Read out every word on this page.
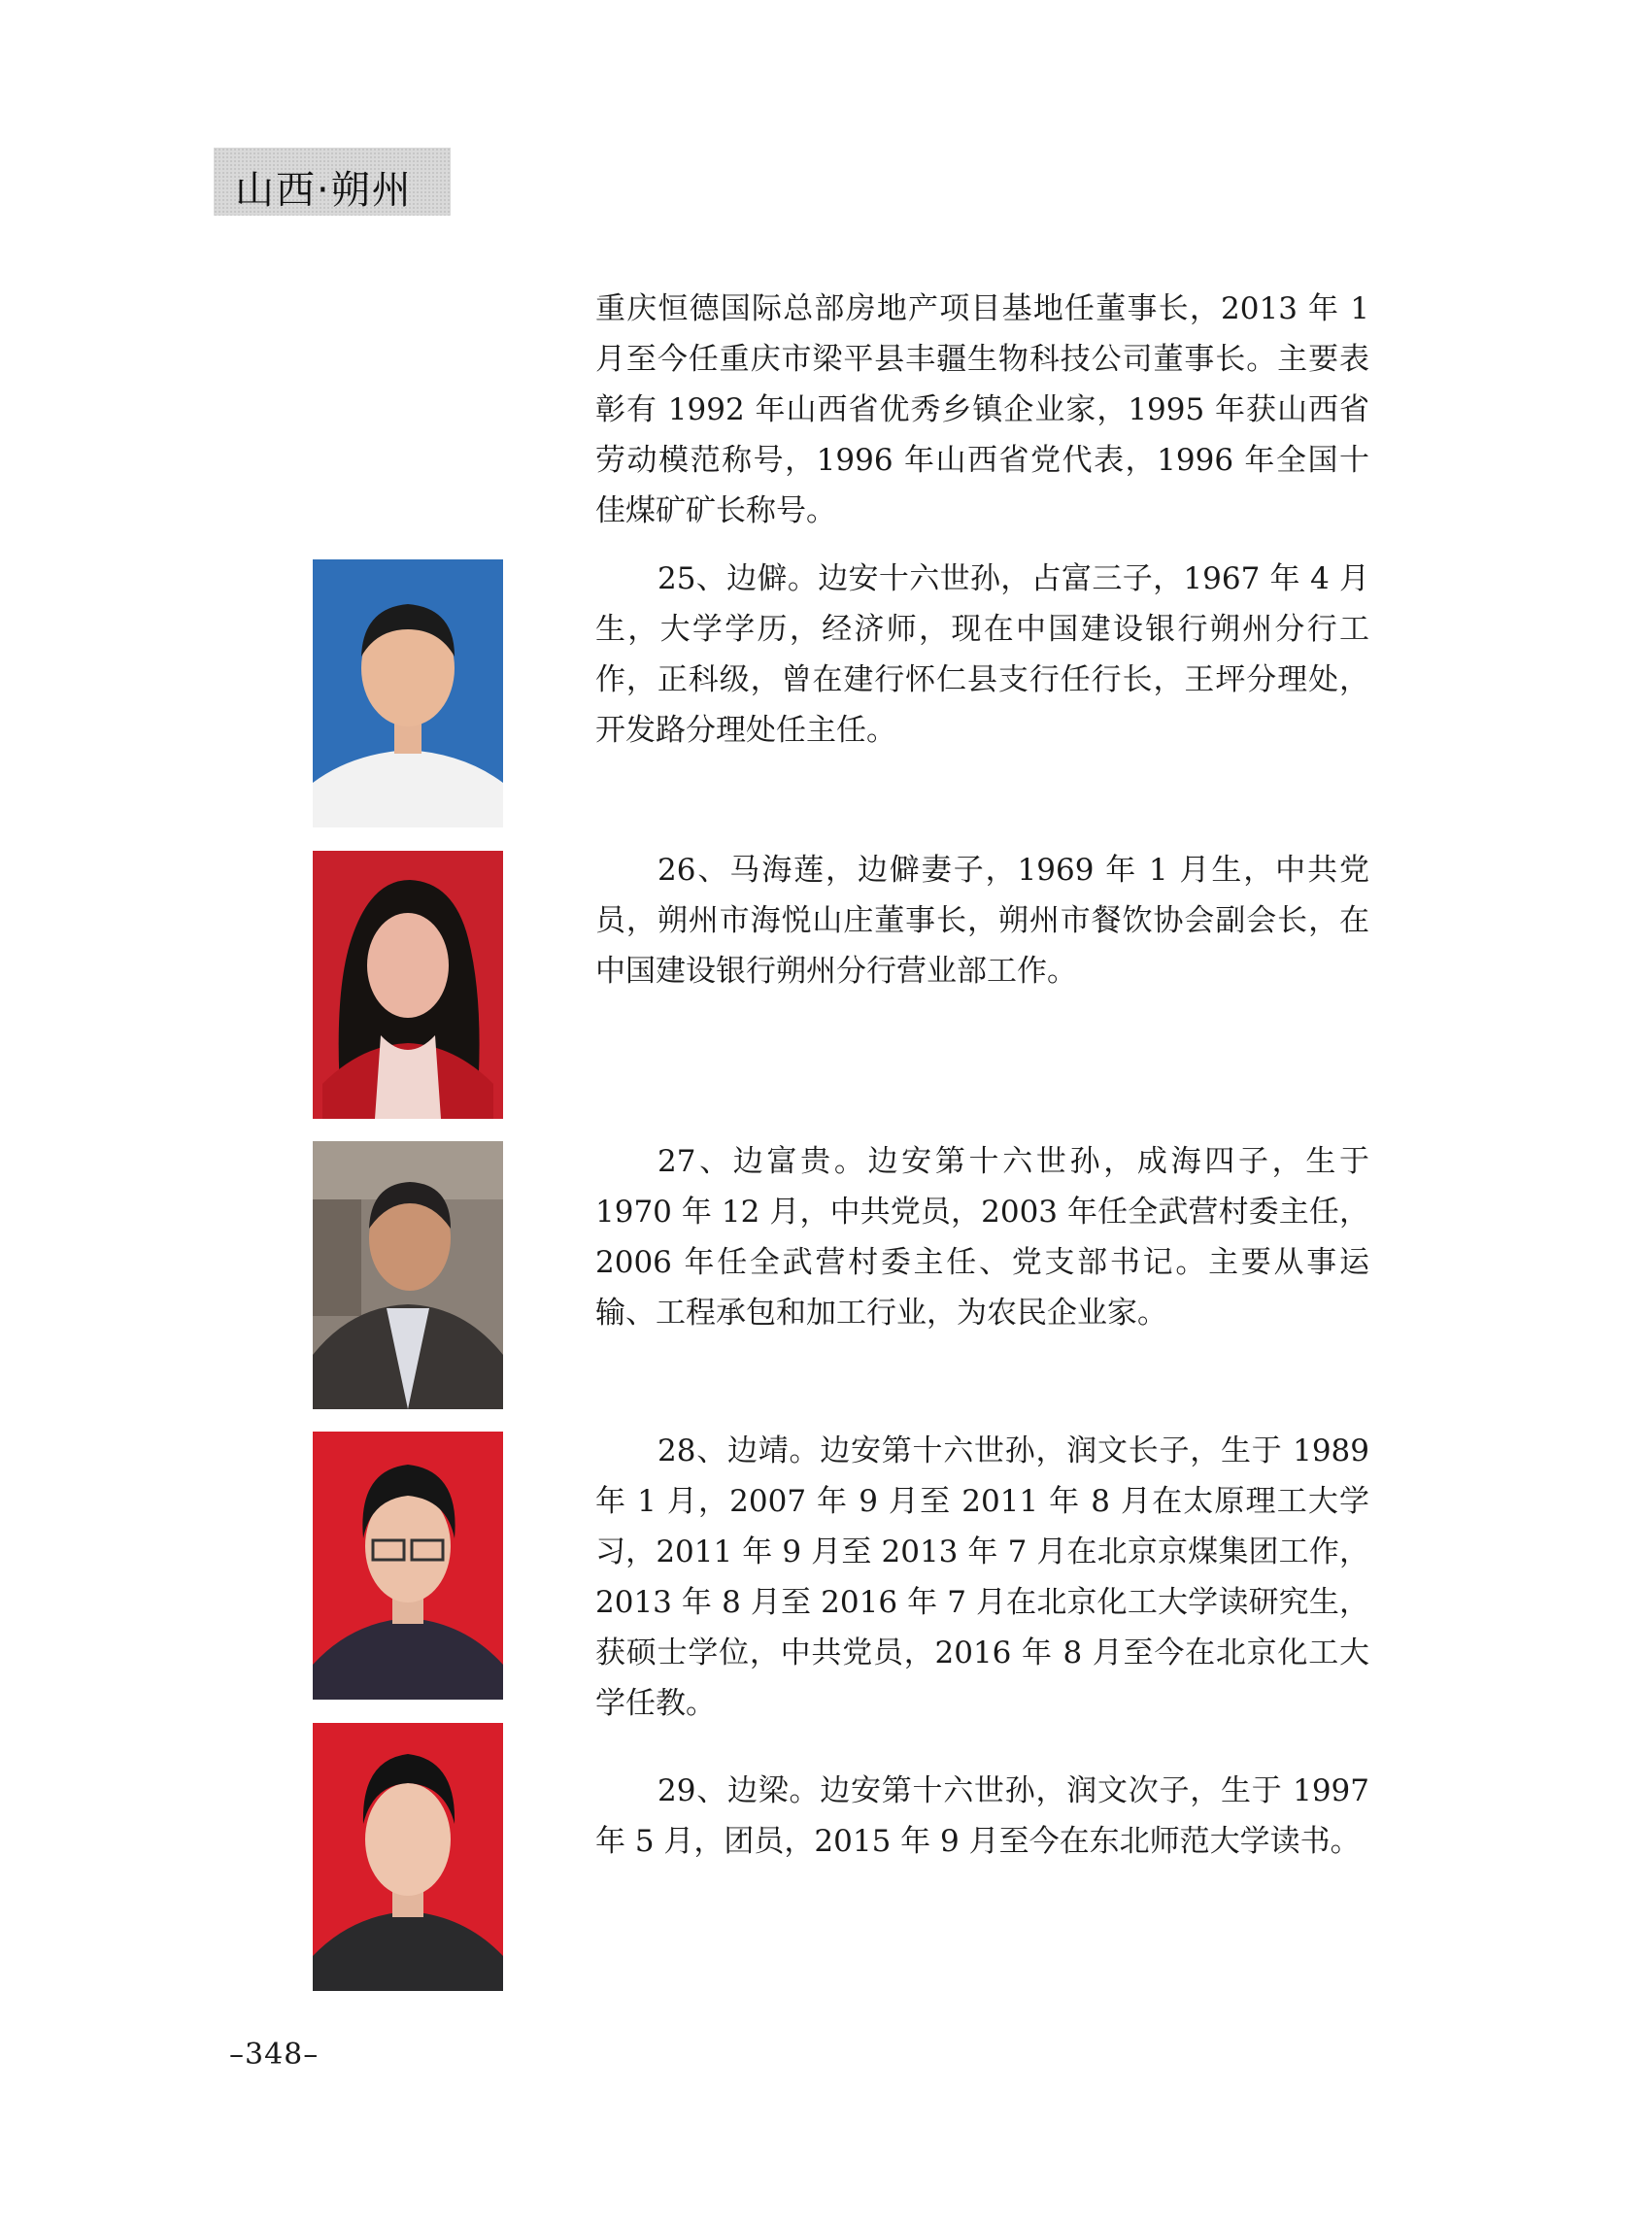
山西·朔州

重庆恒德国际总部房地产项目基地任董事长，2013 年 1 月至今任重庆市梁平县丰疆生物科技公司董事长。主要表彰有 1992 年山西省优秀乡镇企业家，1995 年获山西省劳动模范称号，1996 年山西省党代表，1996 年全国十佳煤矿矿长称号。

25、边僻。边安十六世孙，占富三子，1967 年 4 月生，大学学历，经济师，现在中国建设银行朔州分行工作，正科级，曾在建行怀仁县支行任行长，王坪分理处，开发路分理处任主任。

26、马海莲，边僻妻子，1969 年 1 月生，中共党员，朔州市海悦山庄董事长，朔州市餐饮协会副会长，在中国建设银行朔州分行营业部工作。

27、边富贵。边安第十六世孙，成海四子，生于 1970 年 12 月，中共党员，2003 年任全武营村委主任，2006 年任全武营村委主任、党支部书记。主要从事运输、工程承包和加工行业，为农民企业家。

28、边靖。边安第十六世孙，润文长子，生于 1989 年 1 月，2007 年 9 月至 2011 年 8 月在太原理工大学习，2011 年 9 月至 2013 年 7 月在北京京煤集团工作，2013 年 8 月至 2016 年 7 月在北京化工大学读研究生，获硕士学位，中共党员，2016 年 8 月至今在北京化工大学任教。

29、边梁。边安第十六世孙，润文次子，生于 1997 年 5 月，团员，2015 年 9 月至今在东北师范大学读书。

–348–
